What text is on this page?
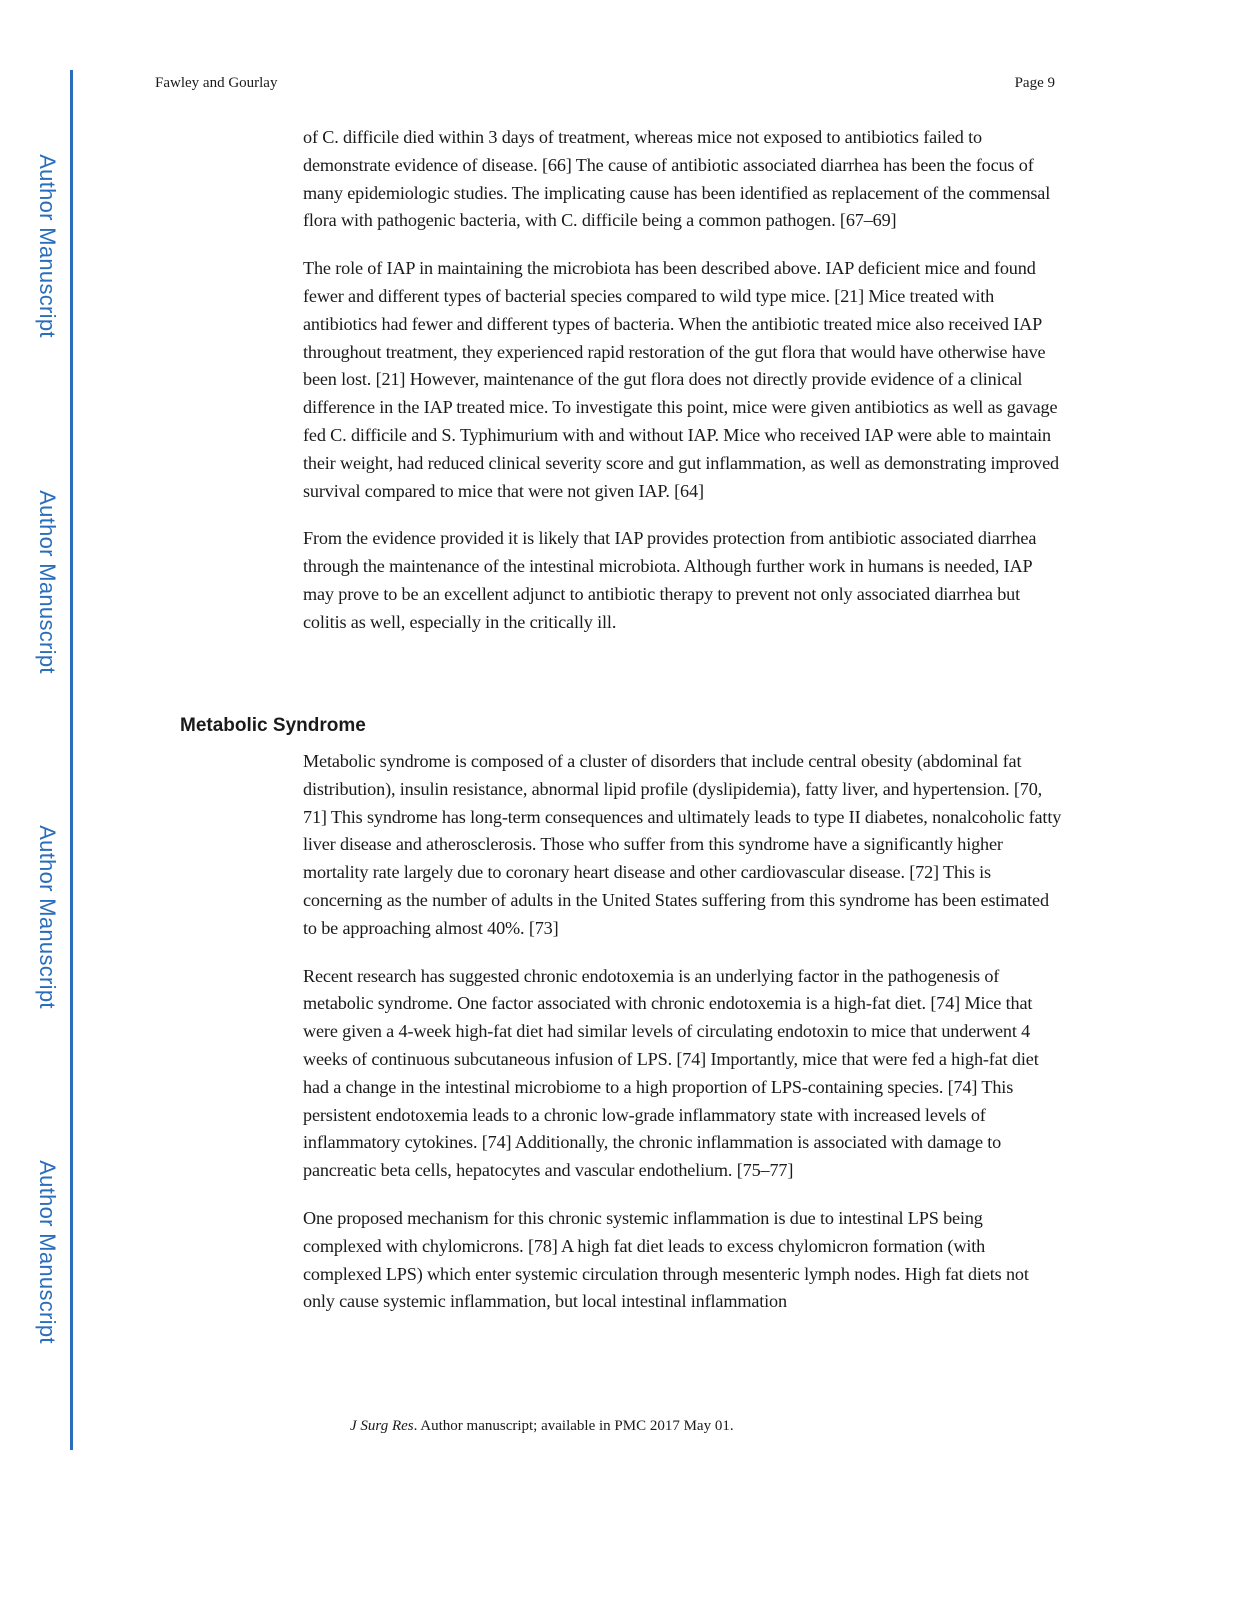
Author Manuscript
Author Manuscript
Author Manuscript
Author Manuscript
Fawley and Gourlay	Page 9

of C. difficile died within 3 days of treatment, whereas mice not exposed to antibiotics failed to demonstrate evidence of disease. [66] The cause of antibiotic associated diarrhea has been the focus of many epidemiologic studies. The implicating cause has been identified as replacement of the commensal flora with pathogenic bacteria, with C. difficile being a common pathogen. [67–69]

The role of IAP in maintaining the microbiota has been described above. IAP deficient mice and found fewer and different types of bacterial species compared to wild type mice. [21] Mice treated with antibiotics had fewer and different types of bacteria. When the antibiotic treated mice also received IAP throughout treatment, they experienced rapid restoration of the gut flora that would have otherwise have been lost. [21] However, maintenance of the gut flora does not directly provide evidence of a clinical difference in the IAP treated mice. To investigate this point, mice were given antibiotics as well as gavage fed C. difficile and S. Typhimurium with and without IAP. Mice who received IAP were able to maintain their weight, had reduced clinical severity score and gut inflammation, as well as demonstrating improved survival compared to mice that were not given IAP. [64]

From the evidence provided it is likely that IAP provides protection from antibiotic associated diarrhea through the maintenance of the intestinal microbiota. Although further work in humans is needed, IAP may prove to be an excellent adjunct to antibiotic therapy to prevent not only associated diarrhea but colitis as well, especially in the critically ill.

Metabolic Syndrome

Metabolic syndrome is composed of a cluster of disorders that include central obesity (abdominal fat distribution), insulin resistance, abnormal lipid profile (dyslipidemia), fatty liver, and hypertension. [70, 71] This syndrome has long-term consequences and ultimately leads to type II diabetes, nonalcoholic fatty liver disease and atherosclerosis. Those who suffer from this syndrome have a significantly higher mortality rate largely due to coronary heart disease and other cardiovascular disease. [72] This is concerning as the number of adults in the United States suffering from this syndrome has been estimated to be approaching almost 40%. [73]

Recent research has suggested chronic endotoxemia is an underlying factor in the pathogenesis of metabolic syndrome. One factor associated with chronic endotoxemia is a high-fat diet. [74] Mice that were given a 4-week high-fat diet had similar levels of circulating endotoxin to mice that underwent 4 weeks of continuous subcutaneous infusion of LPS. [74] Importantly, mice that were fed a high-fat diet had a change in the intestinal microbiome to a high proportion of LPS-containing species. [74] This persistent endotoxemia leads to a chronic low-grade inflammatory state with increased levels of inflammatory cytokines. [74] Additionally, the chronic inflammation is associated with damage to pancreatic beta cells, hepatocytes and vascular endothelium. [75–77]

One proposed mechanism for this chronic systemic inflammation is due to intestinal LPS being complexed with chylomicrons. [78] A high fat diet leads to excess chylomicron formation (with complexed LPS) which enter systemic circulation through mesenteric lymph nodes. High fat diets not only cause systemic inflammation, but local intestinal inflammation

J Surg Res. Author manuscript; available in PMC 2017 May 01.
